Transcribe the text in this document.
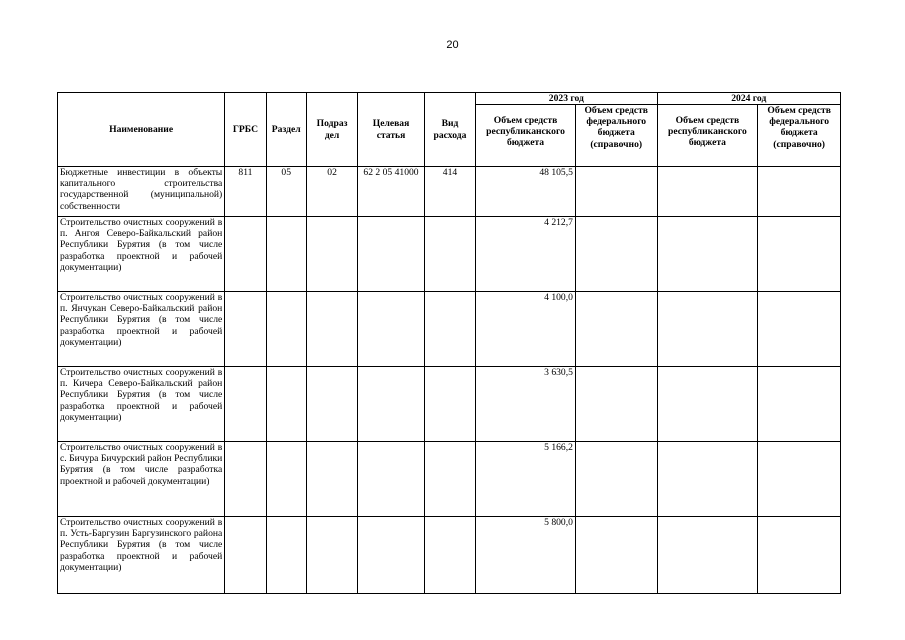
20
Наименование	ГРБС	Раздел	Подраз дел	Целевая статья	Вид расхода	2023 год		2024 год	
						Объем средств республиканского бюджета	Объем средств федерального бюджета (справочно)	Объем средств республиканского бюджета	Объем средств федерального бюджета (справочно)
Бюджетные инвестиции в объекты капитального строительства государственной (муниципальной) собственности	811	05	02	62 2 05 41000	414	48 105,5			
Строительство очистных сооружений в п. Ангоя Северо-Байкальский район Республики Бурятия (в том числе разработка проектной и рабочей документации)						4 212,7			
Строительство очистных сооружений в п. Янчукан Северо-Байкальский район Республики Бурятия (в том числе разработка проектной и рабочей документации)						4 100,0			
Строительство очистных сооружений в п. Кичера Северо-Байкальский район Республики Бурятия (в том числе разработка проектной и рабочей документации)						3 630,5			
Строительство очистных сооружений в с. Бичура Бичурский район Республики Бурятия (в том числе разработка проектной и рабочей документации)						5 166,2			
Строительство очистных сооружений в п. Усть-Баргузин Баргузинского района Республики Бурятия (в том числе разработка проектной и рабочей документации)						5 800,0			
